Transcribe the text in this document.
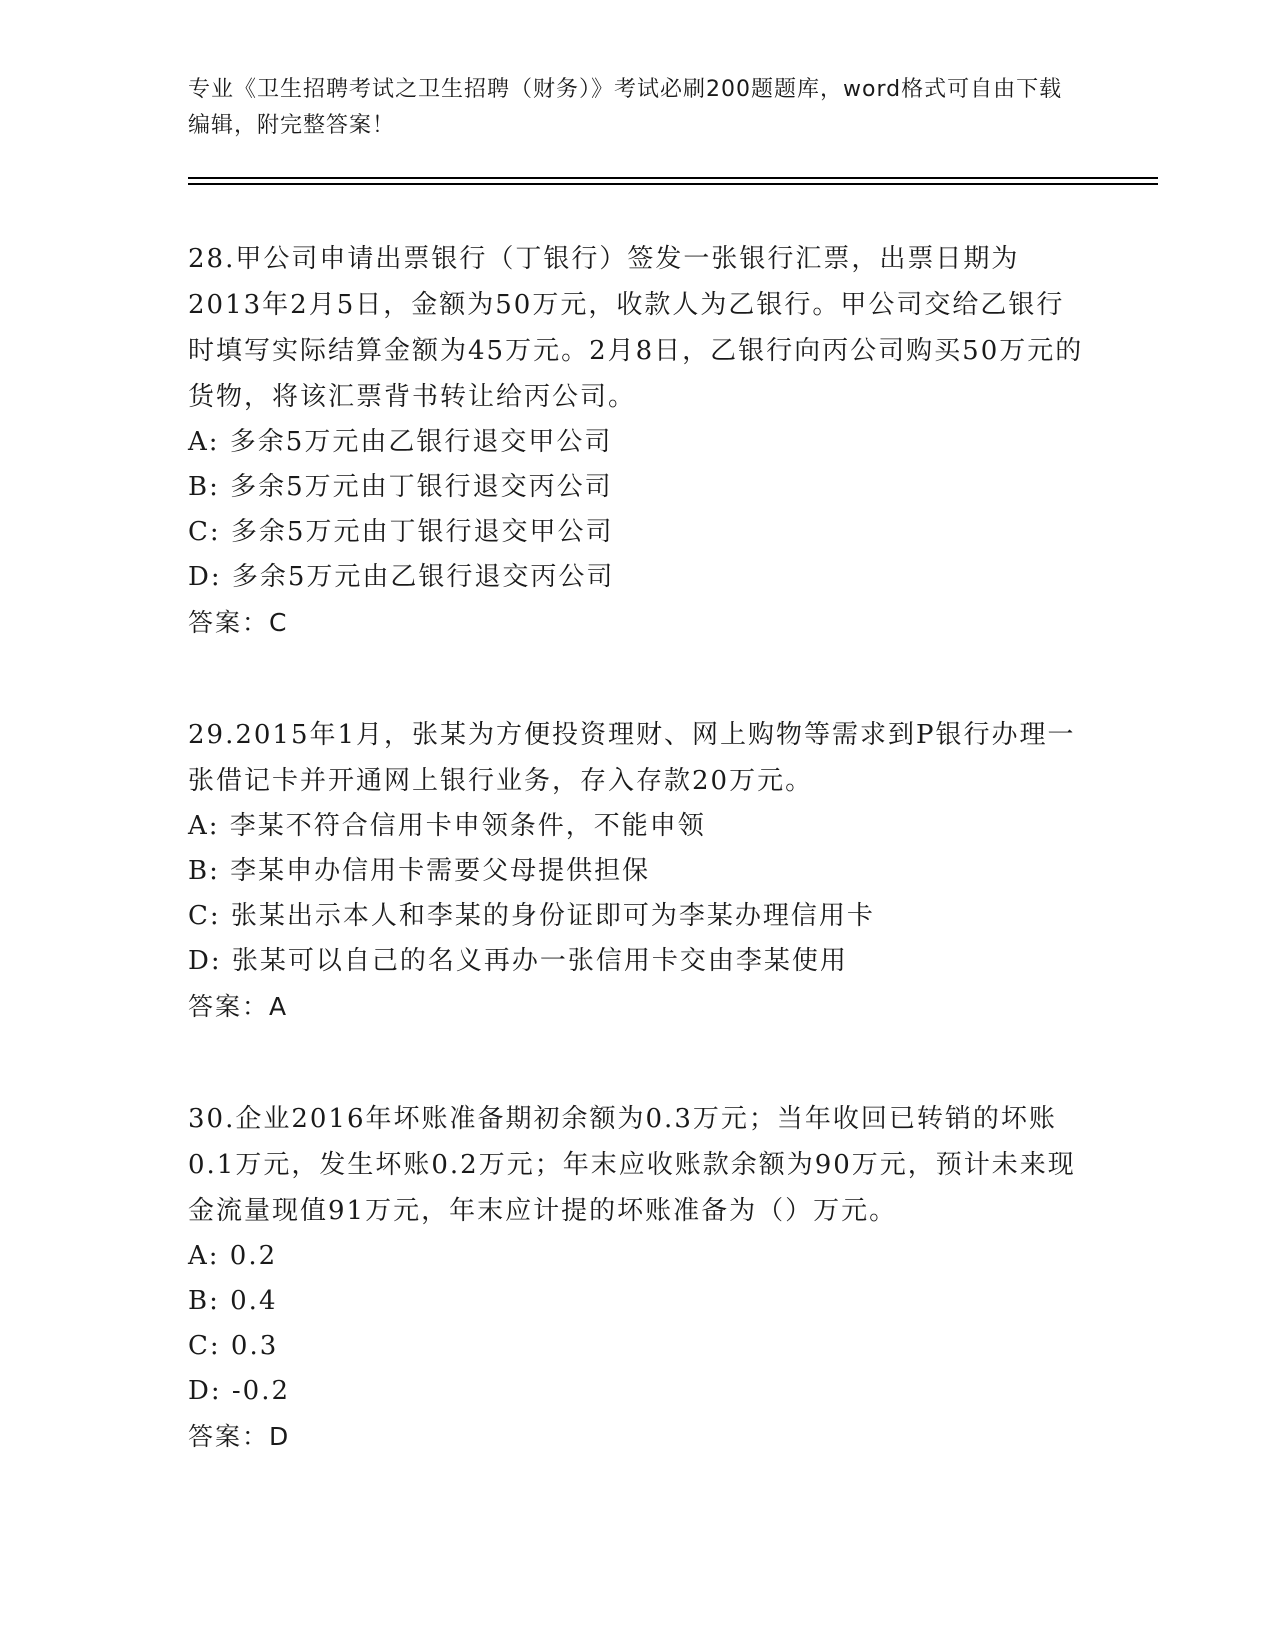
专业《卫生招聘考试之卫生招聘（财务）》考试必刷200题题库，word格式可自由下载编辑，附完整答案！
28.甲公司申请出票银行（丁银行）签发一张银行汇票，出票日期为2013年2月5日，金额为50万元，收款人为乙银行。甲公司交给乙银行时填写实际结算金额为45万元。2月8日，乙银行向丙公司购买50万元的货物，将该汇票背书转让给丙公司。
A: 多余5万元由乙银行退交甲公司
B: 多余5万元由丁银行退交丙公司
C: 多余5万元由丁银行退交甲公司
D: 多余5万元由乙银行退交丙公司
答案：C
29.2015年1月，张某为方便投资理财、网上购物等需求到P银行办理一张借记卡并开通网上银行业务，存入存款20万元。
A: 李某不符合信用卡申领条件，不能申领
B: 李某申办信用卡需要父母提供担保
C: 张某出示本人和李某的身份证即可为李某办理信用卡
D: 张某可以自己的名义再办一张信用卡交由李某使用
答案：A
30.企业2016年坏账准备期初余额为0.3万元；当年收回已转销的坏账0.1万元，发生坏账0.2万元；年末应收账款余额为90万元，预计未来现金流量现值91万元，年末应计提的坏账准备为（）万元。
A: 0.2
B: 0.4
C: 0.3
D: -0.2
答案：D
